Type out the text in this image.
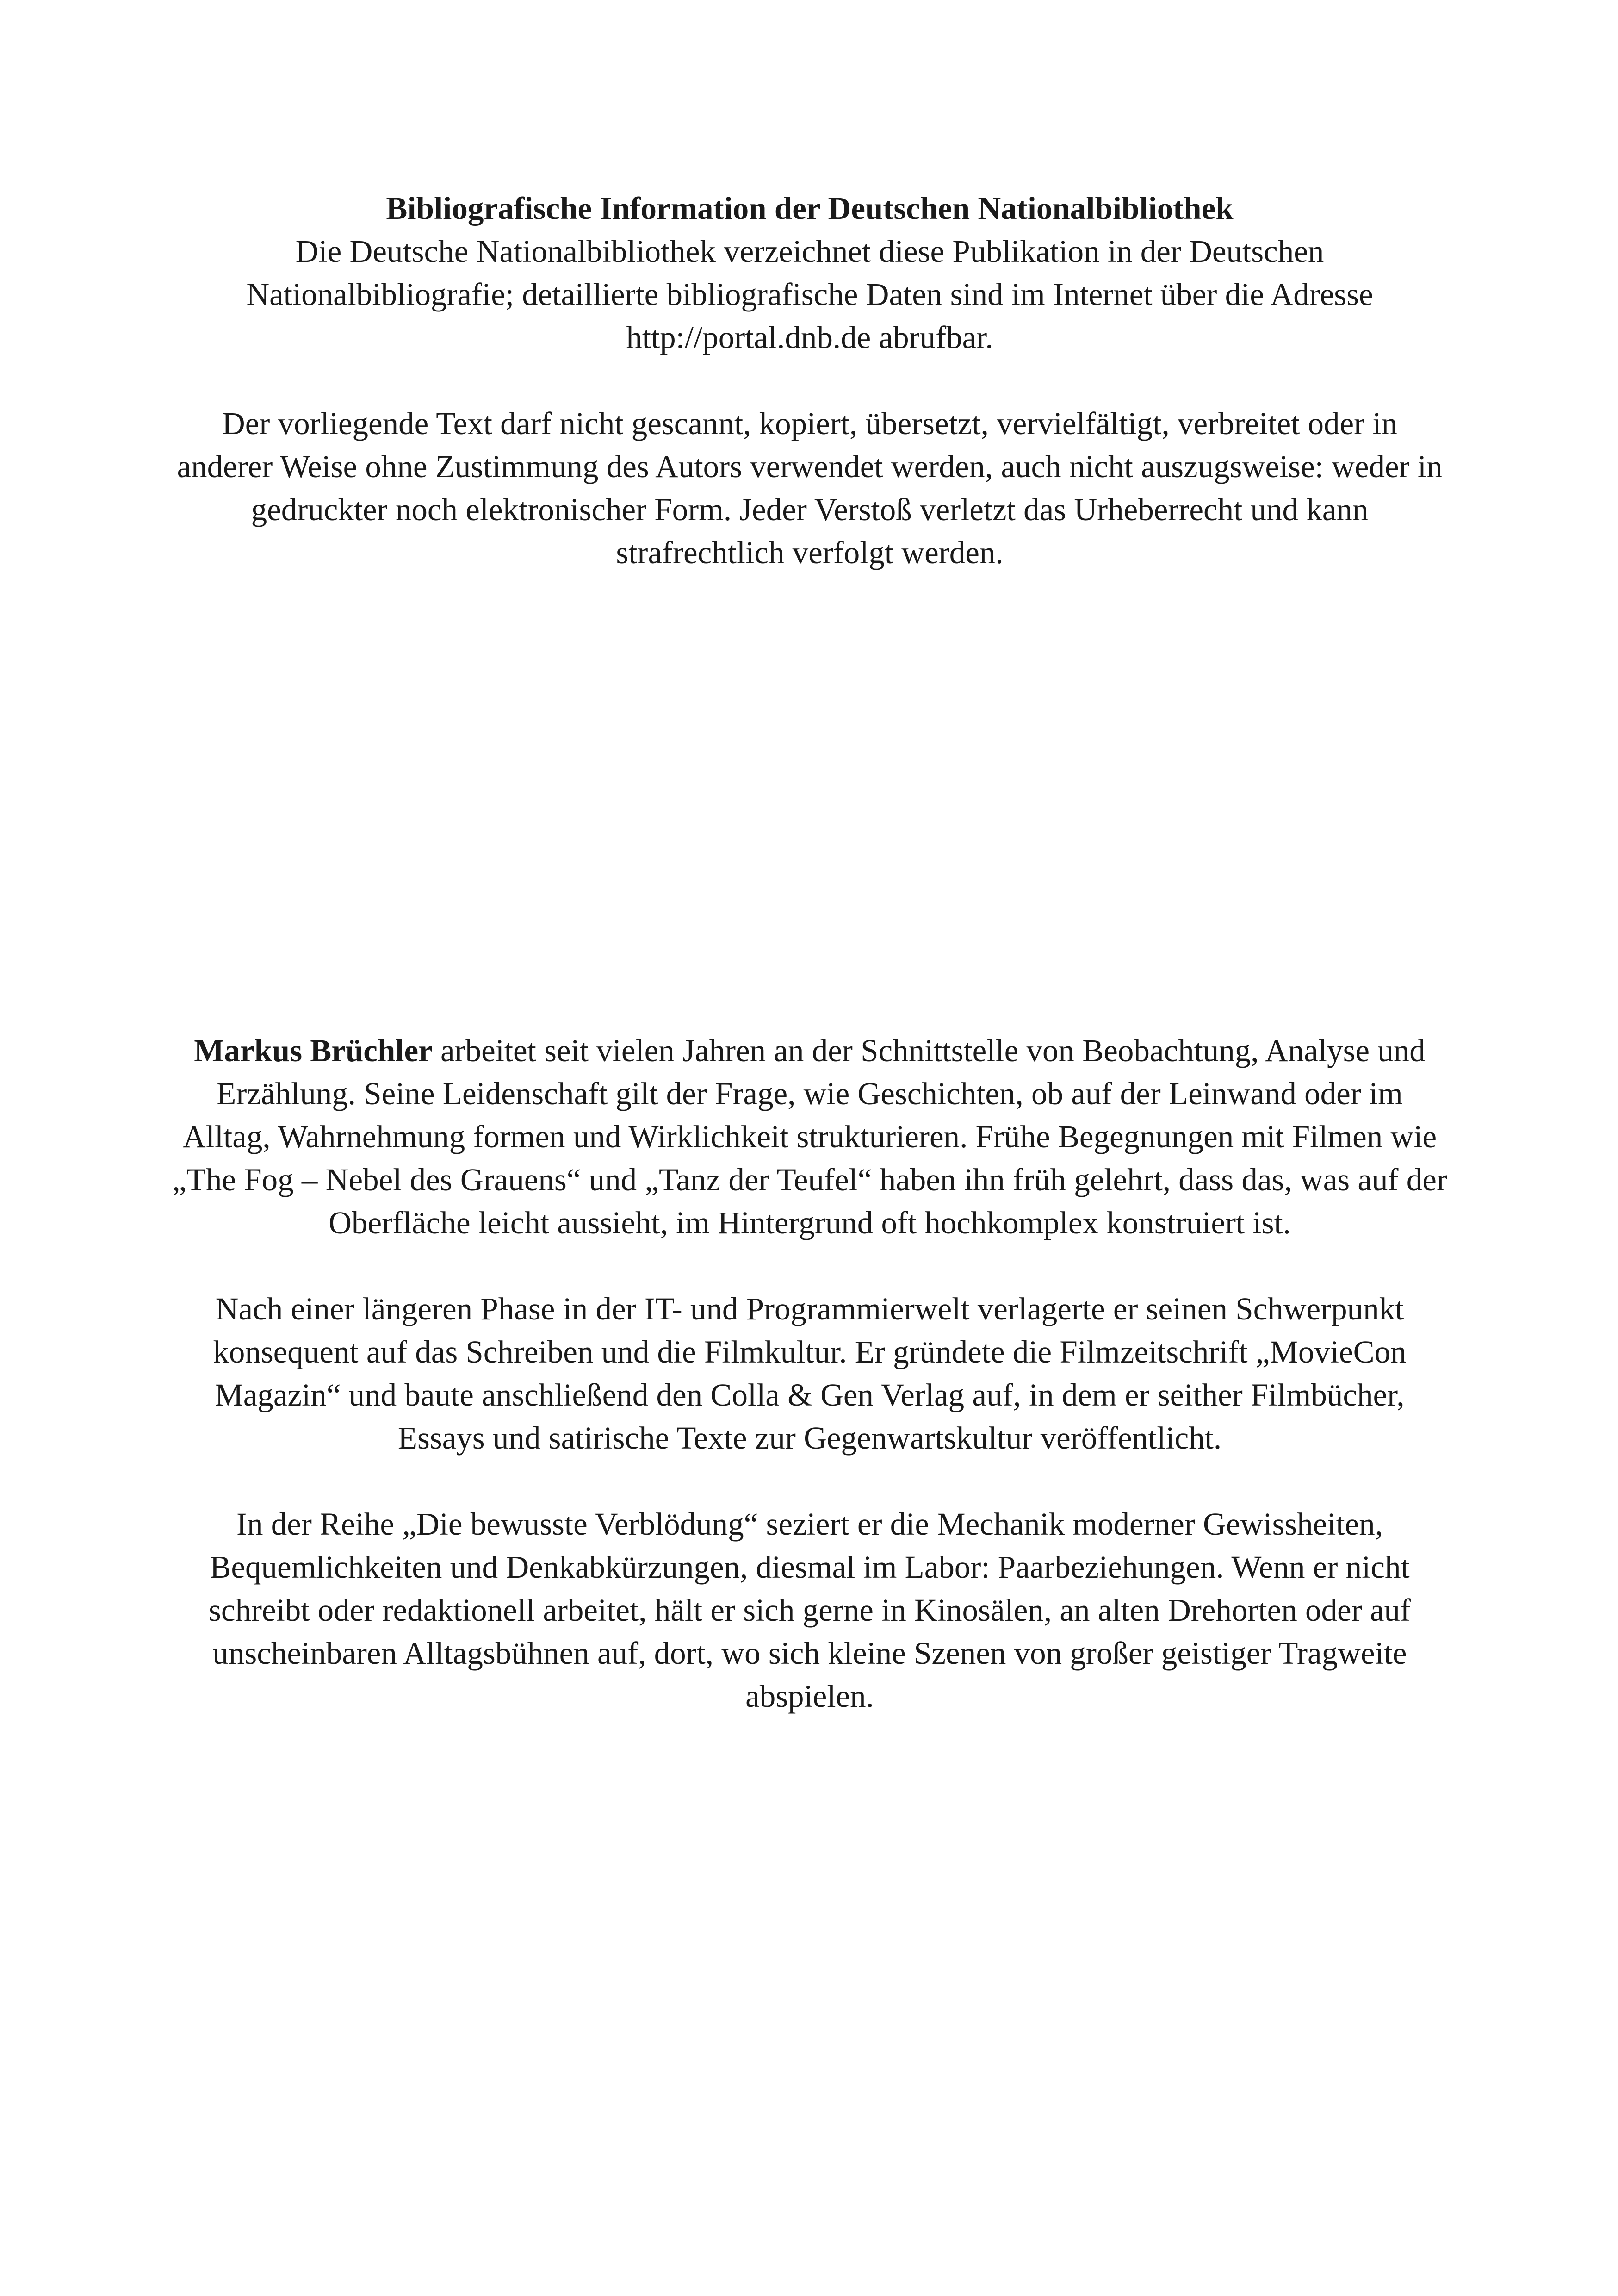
Bibliografische Information der Deutschen Nationalbibliothek

Die Deutsche Nationalbibliothek verzeichnet diese Publikation in der Deutschen Nationalbibliografie; detaillierte bibliografische Daten sind im Internet über die Adresse http://portal.dnb.de abrufbar.

Der vorliegende Text darf nicht gescannt, kopiert, übersetzt, vervielfältigt, verbreitet oder in anderer Weise ohne Zustimmung des Autors verwendet werden, auch nicht auszugsweise: weder in gedruckter noch elektronischer Form. Jeder Verstoß verletzt das Urheberrecht und kann strafrechtlich verfolgt werden.

Markus Brüchler arbeitet seit vielen Jahren an der Schnittstelle von Beobachtung, Analyse und Erzählung. Seine Leidenschaft gilt der Frage, wie Geschichten, ob auf der Leinwand oder im Alltag, Wahrnehmung formen und Wirklichkeit strukturieren. Frühe Begegnungen mit Filmen wie „The Fog – Nebel des Grauens“ und „Tanz der Teufel“ haben ihn früh gelehrt, dass das, was auf der Oberfläche leicht aussieht, im Hintergrund oft hochkomplex konstruiert ist.

Nach einer längeren Phase in der IT- und Programmierwelt verlagerte er seinen Schwerpunkt konsequent auf das Schreiben und die Filmkultur. Er gründete die Filmzeitschrift „MovieCon Magazin“ und baute anschließend den Colla & Gen Verlag auf, in dem er seither Filmbücher, Essays und satirische Texte zur Gegenwartskultur veröffentlicht.

In der Reihe „Die bewusste Verblödung“ seziert er die Mechanik moderner Gewissheiten, Bequemlichkeiten und Denkabkürzungen, diesmal im Labor: Paarbeziehungen. Wenn er nicht schreibt oder redaktionell arbeitet, hält er sich gerne in Kinosälen, an alten Drehorten oder auf unscheinbaren Alltagsbühnen auf, dort, wo sich kleine Szenen von großer geistiger Tragweite abspielen.
